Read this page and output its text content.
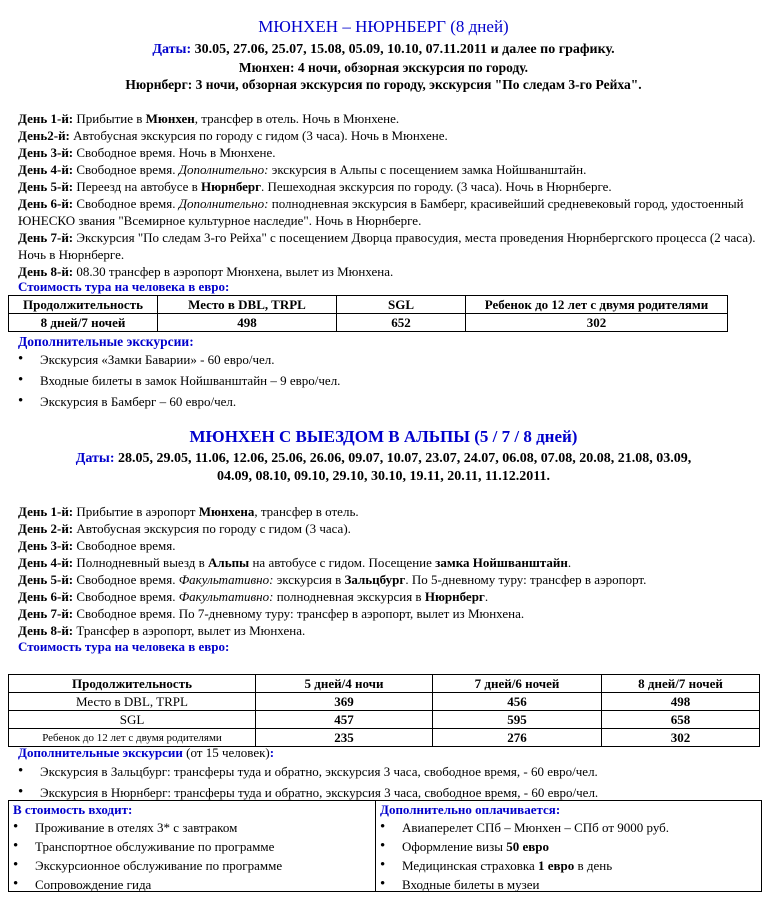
МЮНХЕН – НЮРНБЕРГ (8 дней)
Даты: 30.05, 27.06, 25.07, 15.08, 05.09, 10.10, 07.11.2011 и далее по графику.
Мюнхен: 4 ночи, обзорная экскурсия по городу.
Нюрнберг: 3 ночи, обзорная экскурсия по городу, экскурсия "По следам 3-го Рейха".
День 1-й: Прибытие в Мюнхен, трансфер в отель. Ночь в Мюнхене.
День2-й: Автобусная экскурсия по городу с гидом (3 часа). Ночь в Мюнхене.
День 3-й: Свободное время. Ночь в Мюнхене.
День 4-й: Свободное время. Дополнительно: экскурсия в Альпы с посещением замка Нойшванштайн.
День 5-й: Переезд на автобусе в Нюрнберг. Пешеходная экскурсия по городу. (3 часа). Ночь в Нюрнберге.
День 6-й: Свободное время. Дополнительно: полнодневная экскурсия в Бамберг, красивейший средневековый город, удостоенный ЮНЕСКО звания "Всемирное культурное наследие". Ночь в Нюрнберге.
День 7-й: Экскурсия "По следам 3-го Рейха" с посещением Дворца правосудия, места проведения Нюрнбергского процесса (2 часа). Ночь в Нюрнберге.
День 8-й: 08.30 трансфер в аэропорт Мюнхена, вылет из Мюнхена.
Стоимость тура на человека в евро:
Продолжительность	Место в DBL, TRPL	SGL	Ребенок до 12 лет с двумя родителями
8 дней/7 ночей	498	652	302
Дополнительные экскурсии:
• Экскурсия «Замки Баварии» - 60 евро/чел.
• Входные билеты в замок Нойшванштайн – 9 евро/чел.
• Экскурсия в Бамберг – 60 евро/чел.
МЮНХЕН С ВЫЕЗДОМ В АЛЬПЫ (5 / 7 / 8 дней)
Даты: 28.05, 29.05, 11.06, 12.06, 25.06, 26.06, 09.07, 10.07, 23.07, 24.07, 06.08, 07.08, 20.08, 21.08, 03.09,
04.09, 08.10, 09.10, 29.10, 30.10, 19.11, 20.11, 11.12.2011.
День 1-й: Прибытие в аэропорт Мюнхена, трансфер в отель.
День 2-й: Автобусная экскурсия по городу с гидом (3 часа).
День 3-й: Свободное время.
День 4-й: Полнодневный выезд в Альпы на автобусе с гидом. Посещение замка Нойшванштайн.
День 5-й: Свободное время. Факультативно: экскурсия в Зальцбург. По 5-дневному туру: трансфер в аэропорт.
День 6-й: Свободное время. Факультативно: полнодневная экскурсия в Нюрнберг.
День 7-й: Свободное время. По 7-дневному туру: трансфер в аэропорт, вылет из Мюнхена.
День 8-й: Трансфер в аэропорт, вылет из Мюнхена.
Стоимость тура на человека в евро:
Продолжительность	5 дней/4 ночи	7 дней/6 ночей	8 дней/7 ночей
Место в DBL, TRPL	369	456	498
SGL	457	595	658
Ребенок до 12 лет с двумя родителями	235	276	302
Дополнительные экскурсии (от 15 человек):
• Экскурсия в Зальцбург: трансферы туда и обратно, экскурсия 3 часа, свободное время, - 60 евро/чел.
• Экскурсия в Нюрнберг: трансферы туда и обратно, экскурсия 3 часа, свободное время, - 60 евро/чел.
В стоимость входит:
• Проживание в отелях 3* с завтраком
• Транспортное обслуживание по программе
• Экскурсионное обслуживание по программе
• Сопровождение гида
Дополнительно оплачивается:
• Авиаперелет СПб – Мюнхен – СПб от 9000 руб.
• Оформление визы 50 евро
• Медицинская страховка 1 евро в день
• Входные билеты в музеи
